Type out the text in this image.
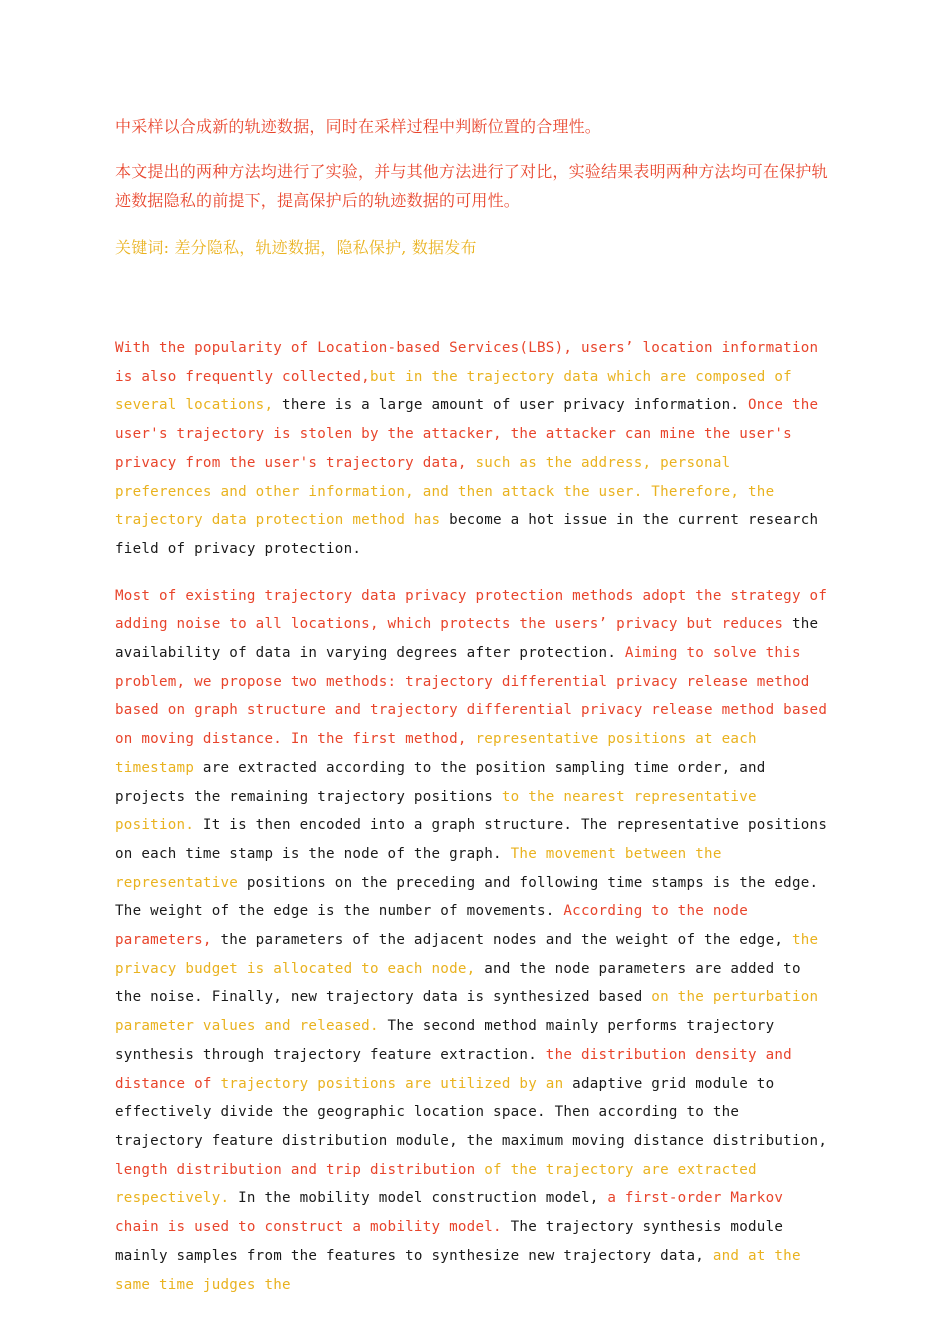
中采样以合成新的轨迹数据，同时在采样过程中判断位置的合理性。

本文提出的两种方法均进行了实验，并与其他方法进行了对比，实验结果表明两种方法均可在保护轨迹数据隐私的前提下，提高保护后的轨迹数据的可用性。

关键词: 差分隐私，轨迹数据，隐私保护, 数据发布

With the popularity of Location-based Services(LBS), users’ location information is also frequently collected,but in the trajectory data which are composed of several locations, there is a large amount of user privacy information. Once the user's trajectory is stolen by the attacker, the attacker can mine the user's privacy from the user's trajectory data, such as the address, personal preferences and other information, and then attack the user. Therefore, the trajectory data protection method has become a hot issue in the current research field of privacy protection.

Most of existing trajectory data privacy protection methods adopt the strategy of adding noise to all locations, which protects the users’ privacy but reduces the availability of data in varying degrees after protection. Aiming to solve this problem, we propose two methods: trajectory differential privacy release method based on graph structure and trajectory differential privacy release method based on moving distance. In the first method, representative positions at each timestamp are extracted according to the position sampling time order, and projects the remaining trajectory positions to the nearest representative position. It is then encoded into a graph structure. The representative positions on each time stamp is the node of the graph. The movement between the representative positions on the preceding and following time stamps is the edge. The weight of the edge is the number of movements. According to the node parameters, the parameters of the adjacent nodes and the weight of the edge, the privacy budget is allocated to each node, and the node parameters are added to the noise. Finally, new trajectory data is synthesized based on the perturbation parameter values and released. The second method mainly performs trajectory synthesis through trajectory feature extraction. the distribution density and distance of trajectory positions are utilized by an adaptive grid module to effectively divide the geographic location space. Then according to the trajectory feature distribution module, the maximum moving distance distribution, length distribution and trip distribution of the trajectory are extracted respectively. In the mobility model construction model, a first-order Markov chain is used to construct a mobility model. The trajectory synthesis module mainly samples from the features to synthesize new trajectory data, and at the same time judges the
